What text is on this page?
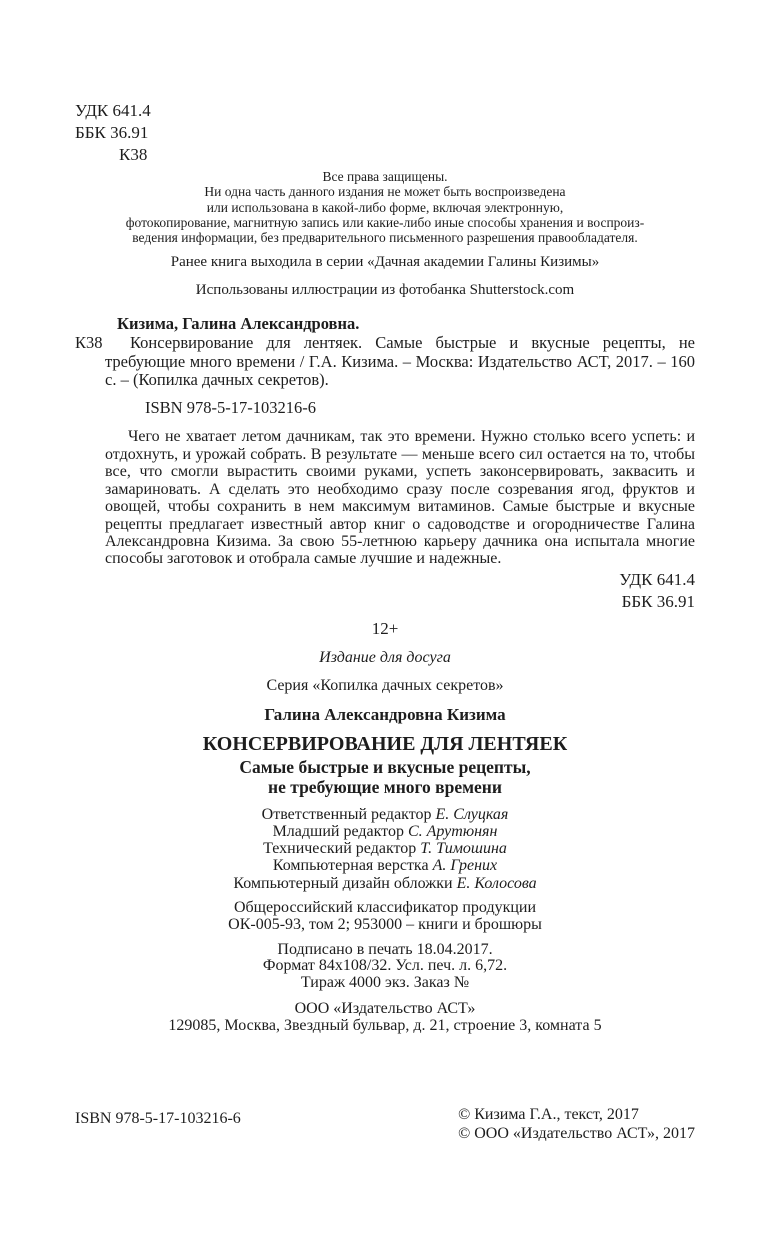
УДК 641.4
ББК 36.91
К38
Все права защищены.
Ни одна часть данного издания не может быть воспроизведена
или использована в какой-либо форме, включая электронную,
фотокопирование, магнитную запись или какие-либо иные способы хранения и воспроиз-
ведения информации, без предварительного письменного разрешения правообладателя.

Ранее книга выходила в серии «Дачная академии Галины Кизимы»

Использованы иллюстрации из фотобанка Shutterstock.com

Кизима, Галина Александровна.

К38	Консервирование для лентяек. Самые быстрые и вкусные рецепты, не требующие много времени / Г.А. Кизима. – Москва: Издательство АСТ, 2017. – 160 с. – (Копилка дачных секретов).

ISBN 978-5-17-103216-6

Чего не хватает летом дачникам, так это времени. Нужно столько всего успеть: и отдохнуть, и урожай собрать. В результате — меньше всего сил остается на то, чтобы все, что смогли вырастить своими руками, успеть законсервировать, заквасить и замариновать. А сделать это необходимо сразу после созревания ягод, фруктов и овощей, чтобы сохранить в нем максимум витаминов. Самые быстрые и вкусные рецепты предлагает известный автор книг о садоводстве и огородничестве Галина Александровна Кизима. За свою 55-летнюю карьеру дачника она испытала многие способы заготовок и отобрала самые лучшие и надежные.

УДК 641.4
ББК 36.91

12+

Издание для досуга

Серия «Копилка дачных секретов»

Галина Александровна Кизима

КОНСЕРВИРОВАНИЕ ДЛЯ ЛЕНТЯЕК

Самые быстрые и вкусные рецепты,

не требующие много времени

Ответственный редактор Е. Слуцкая
Младший редактор С. Арутюнян
Технический редактор Т. Тимошина
Компьютерная верстка А. Грених
Компьютерный дизайн обложки Е. Колосова
Общероссийский классификатор продукции
ОК-005-93, том 2; 953000 – книги и брошюры
Подписано в печать 18.04.2017.
Формат 84х108/32. Усл. печ. л. 6,72.
Тираж 4000 экз. Заказ №
ООО «Издательство АСТ»
129085, Москва, Звездный бульвар, д. 21, строение 3, комната 5
ISBN 978-5-17-103216-6	© Кизима Г.А., текст, 2017
© ООО «Издательство АСТ», 2017
